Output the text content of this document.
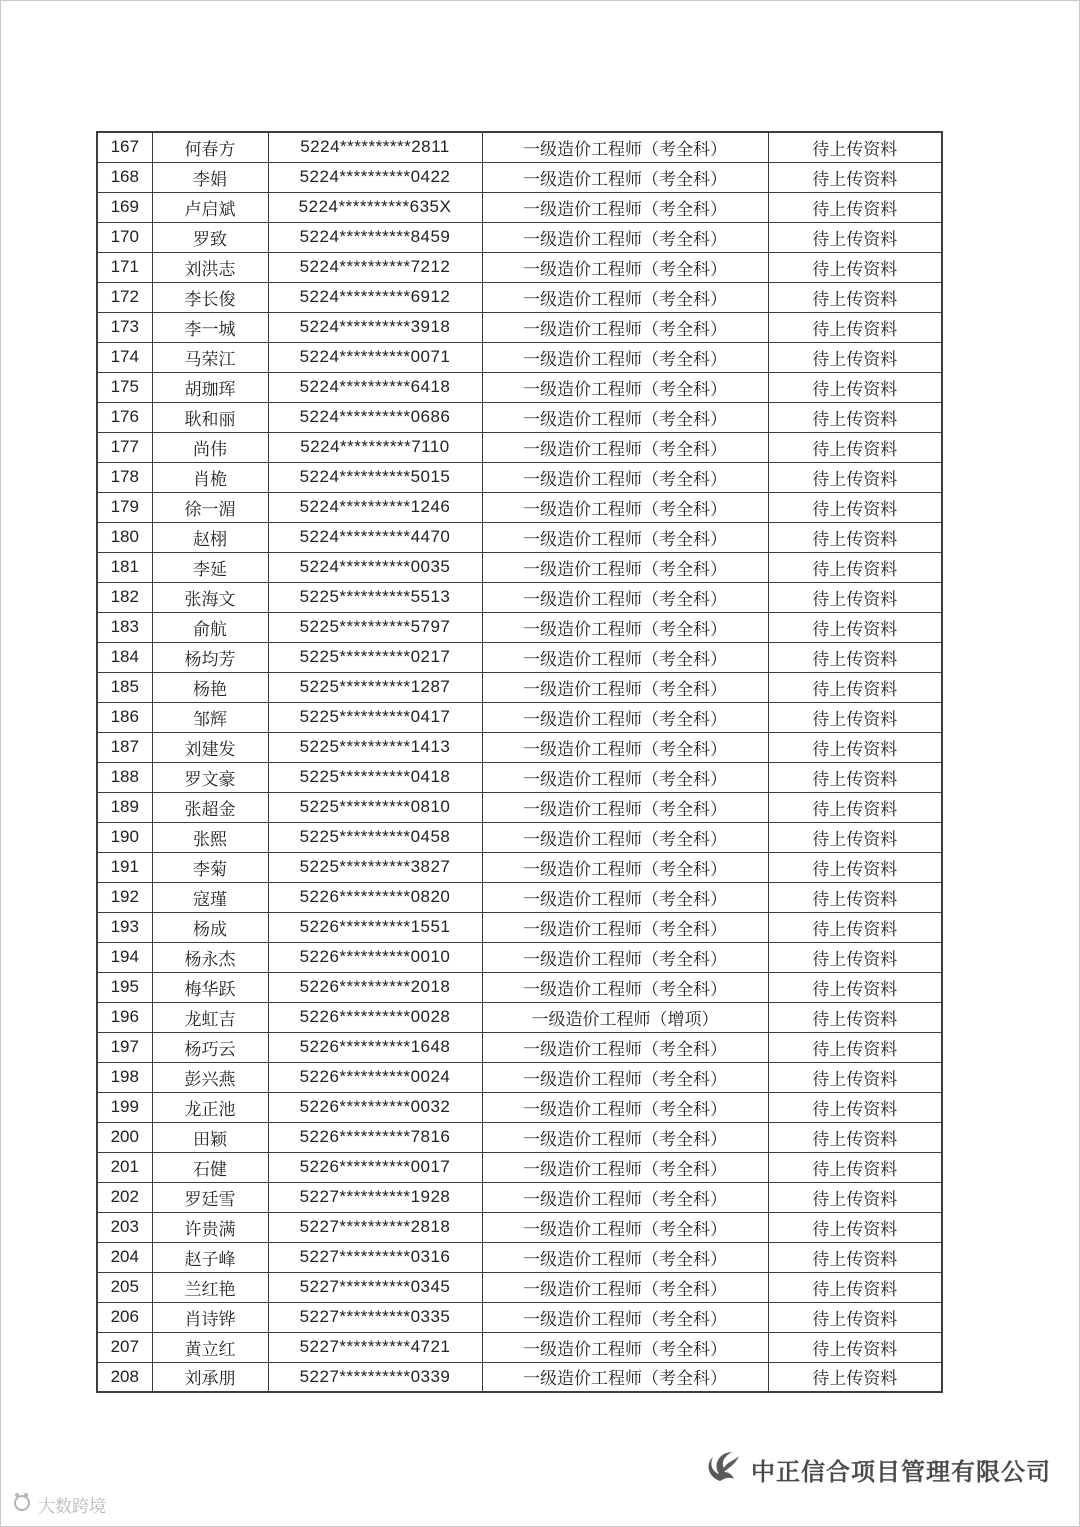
167	何春方	5224**********2811	一级造价工程师（考全科）	待上传资料
168	李娟	5224**********0422	一级造价工程师（考全科）	待上传资料
169	卢启斌	5224**********635X	一级造价工程师（考全科）	待上传资料
170	罗致	5224**********8459	一级造价工程师（考全科）	待上传资料
171	刘洪志	5224**********7212	一级造价工程师（考全科）	待上传资料
172	李长俊	5224**********6912	一级造价工程师（考全科）	待上传资料
173	李一城	5224**********3918	一级造价工程师（考全科）	待上传资料
174	马荣江	5224**********0071	一级造价工程师（考全科）	待上传资料
175	胡珈珲	5224**********6418	一级造价工程师（考全科）	待上传资料
176	耿和丽	5224**********0686	一级造价工程师（考全科）	待上传资料
177	尚伟	5224**********7110	一级造价工程师（考全科）	待上传资料
178	肖桅	5224**********5015	一级造价工程师（考全科）	待上传资料
179	徐一湄	5224**********1246	一级造价工程师（考全科）	待上传资料
180	赵栩	5224**********4470	一级造价工程师（考全科）	待上传资料
181	李延	5224**********0035	一级造价工程师（考全科）	待上传资料
182	张海文	5225**********5513	一级造价工程师（考全科）	待上传资料
183	俞航	5225**********5797	一级造价工程师（考全科）	待上传资料
184	杨均芳	5225**********0217	一级造价工程师（考全科）	待上传资料
185	杨艳	5225**********1287	一级造价工程师（考全科）	待上传资料
186	邹辉	5225**********0417	一级造价工程师（考全科）	待上传资料
187	刘建发	5225**********1413	一级造价工程师（考全科）	待上传资料
188	罗文豪	5225**********0418	一级造价工程师（考全科）	待上传资料
189	张超金	5225**********0810	一级造价工程师（考全科）	待上传资料
190	张熙	5225**********0458	一级造价工程师（考全科）	待上传资料
191	李菊	5225**********3827	一级造价工程师（考全科）	待上传资料
192	寇瑾	5226**********0820	一级造价工程师（考全科）	待上传资料
193	杨成	5226**********1551	一级造价工程师（考全科）	待上传资料
194	杨永杰	5226**********0010	一级造价工程师（考全科）	待上传资料
195	梅华跃	5226**********2018	一级造价工程师（考全科）	待上传资料
196	龙虹吉	5226**********0028	一级造价工程师（增项）	待上传资料
197	杨巧云	5226**********1648	一级造价工程师（考全科）	待上传资料
198	彭兴燕	5226**********0024	一级造价工程师（考全科）	待上传资料
199	龙正池	5226**********0032	一级造价工程师（考全科）	待上传资料
200	田颖	5226**********7816	一级造价工程师（考全科）	待上传资料
201	石健	5226**********0017	一级造价工程师（考全科）	待上传资料
202	罗廷雪	5227**********1928	一级造价工程师（考全科）	待上传资料
203	许贵满	5227**********2818	一级造价工程师（考全科）	待上传资料
204	赵子峰	5227**********0316	一级造价工程师（考全科）	待上传资料
205	兰红艳	5227**********0345	一级造价工程师（考全科）	待上传资料
206	肖诗铧	5227**********0335	一级造价工程师（考全科）	待上传资料
207	黄立红	5227**********4721	一级造价工程师（考全科）	待上传资料
208	刘承朋	5227**********0339	一级造价工程师（考全科）	待上传资料
中正信合项目管理有限公司
大数跨境
